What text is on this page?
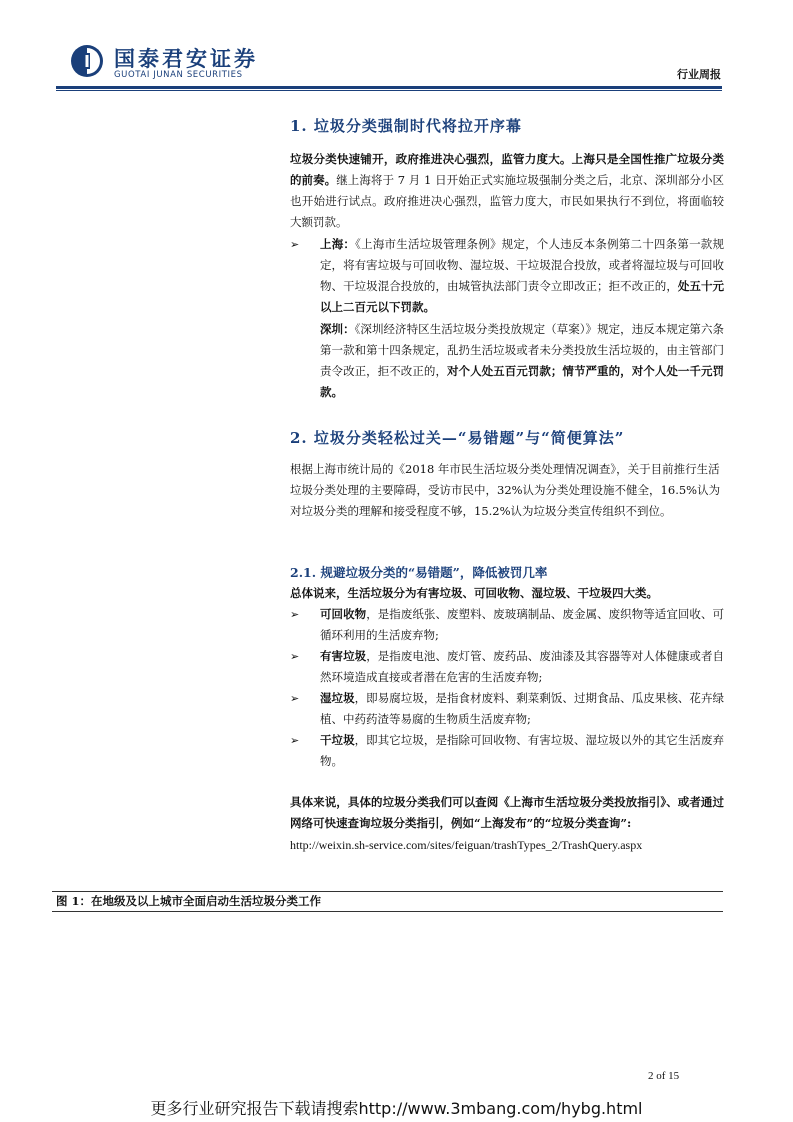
国泰君安证券
GUOTAI JUNAN SECURITIES	行业周报
1. 垃圾分类强制时代将拉开序幕

垃圾分类快速铺开，政府推进决心强烈，监管力度大。上海只是全国性推广垃圾分类的前奏。继上海将于 7 月 1 日开始正式实施垃圾强制分类之后，北京、深圳部分小区也开始进行试点。政府推进决心强烈，监管力度大，市民如果执行不到位，将面临较大额罚款。

➢ 上海：《上海市生活垃圾管理条例》规定，个人违反本条例第二十四条第一款规定，将有害垃圾与可回收物、湿垃圾、干垃圾混合投放，或者将湿垃圾与可回收物、干垃圾混合投放的，由城管执法部门责令立即改正；拒不改正的，处五十元以上二百元以下罚款。
深圳：《深圳经济特区生活垃圾分类投放规定（草案）》规定，违反本规定第六条第一款和第十四条规定，乱扔生活垃圾或者未分类投放生活垃圾的，由主管部门责令改正，拒不改正的，对个人处五百元罚款；情节严重的，对个人处一千元罚款。
2. 垃圾分类轻松过关—“易错题”与“简便算法”
根据上海市统计局的《2018 年市民生活垃圾分类处理情况调查》，关于目前推行生活垃圾分类处理的主要障碍，受访市民中，32%认为分类处理设施不健全，16.5%认为对垃圾分类的理解和接受程度不够，15.2%认为垃圾分类宣传组织不到位。
2.1. 规避垃圾分类的“易错题”，降低被罚几率

总体说来，生活垃圾分为有害垃圾、可回收物、湿垃圾、干垃圾四大类。

➢ 可回收物，是指废纸张、废塑料、废玻璃制品、废金属、废织物等适宜回收、可循环利用的生活废弃物;
➢ 有害垃圾，是指废电池、废灯管、废药品、废油漆及其容器等对人体健康或者自然环境造成直接或者潜在危害的生活废弃物;
➢ 湿垃圾，即易腐垃圾，是指食材废料、剩菜剩饭、过期食品、瓜皮果核、花卉绿植、中药药渣等易腐的生物质生活废弃物;
➢ 干垃圾，即其它垃圾，是指除可回收物、有害垃圾、湿垃圾以外的其它生活废弃物。

具体来说，具体的垃圾分类我们可以查阅《上海市生活垃圾分类投放指引》、或者通过网络可快速查询垃圾分类指引，例如“上海发布”的“垃圾分类查询”:

http://weixin.sh-service.com/sites/feiguan/trashTypes_2/TrashQuery.aspx

图 1：在地级及以上城市全面启动生活垃圾分类工作
2 of 15
更多行业研究报告下载请搜索http://www.3mbang.com/hybg.html
